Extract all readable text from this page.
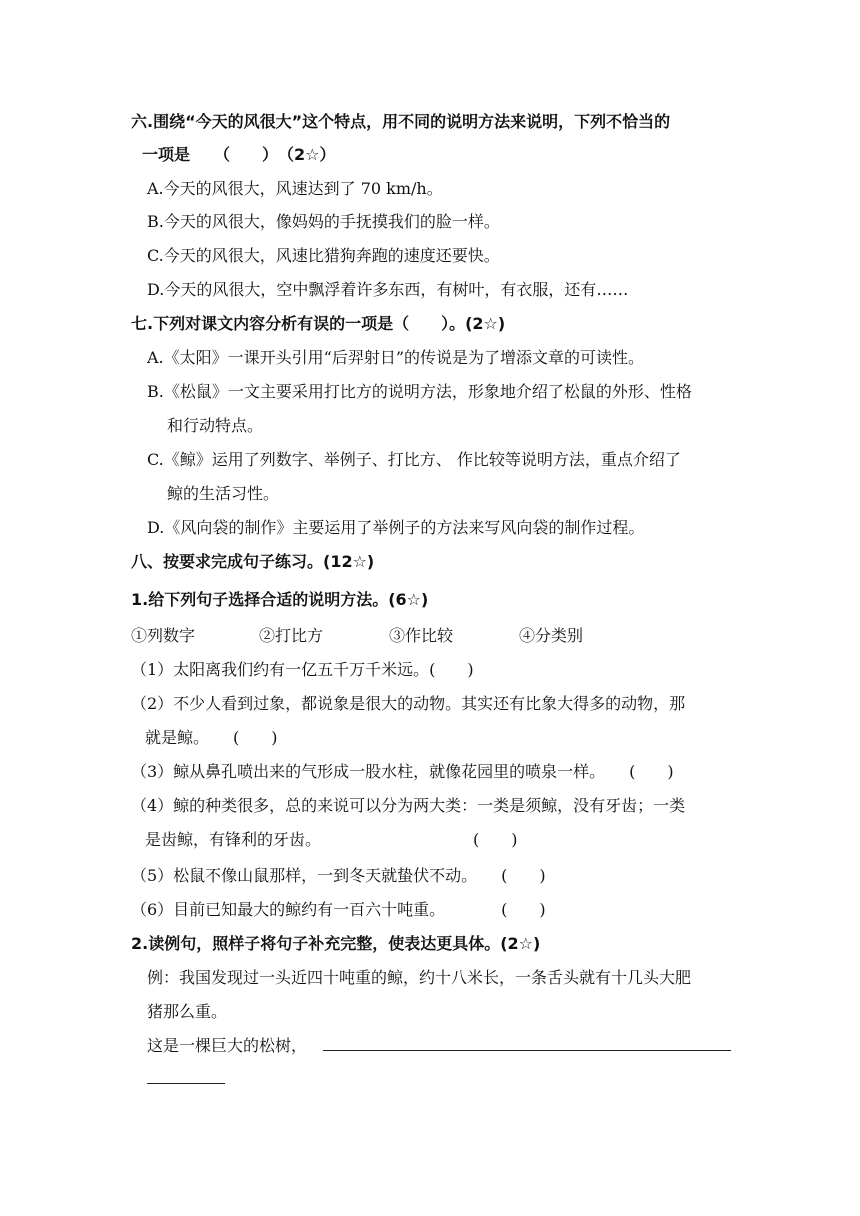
六.围绕“今天的风很大”这个特点，用不同的说明方法来说明，下列不恰当的
一项是　　（　　）　（2☆）
A.今天的风很大，风速达到了 70 km/h。
B.今天的风很大，像妈妈的手抚摸我们的脸一样。
C.今天的风很大，风速比猎狗奔跑的速度还要快。
D.今天的风很大，空中飘浮着许多东西，有树叶，有衣服，还有……
七.下列对课文内容分析有误的一项是（　　）。(2☆)
A.《太阳》一课开头引用“后羿射日”的传说是为了增添文章的可读性。
B.《松鼠》一文主要采用打比方的说明方法，形象地介绍了松鼠的外形、性格
和行动特点。
C.《鲸》运用了列数字、举例子、打比方、 作比较等说明方法，重点介绍了
鲸的生活习性。
D.《风向袋的制作》主要运用了举例子的方法来写风向袋的制作过程。
八、按要求完成句子练习。(12☆)
1.给下列句子选择合适的说明方法。(6☆)
①列数字	②打比方	③作比较	④分类别
（1）太阳离我们约有一亿五千万千米远。(　　)
（2）不少人看到过象，都说象是很大的动物。其实还有比象大得多的动物，那
就是鲸。　　(　　)
（3）鲸从鼻孔喷出来的气形成一股水柱，就像花园里的喷泉一样。　　(　　)
（4）鲸的种类很多，总的来说可以分为两大类：一类是须鲸，没有牙齿；一类
是齿鲸，有锋利的牙齿。　　　　　　　　　　(　　)
（5）松鼠不像山鼠那样，一到冬天就蛰伏不动。　　(　　)
（6）目前已知最大的鲸约有一百六十吨重。　　　　(　　)
2.读例句，照样子将句子补充完整，使表达更具体。(2☆)
例：我国发现过一头近四十吨重的鲸，约十八米长，一条舌头就有十几头大肥
猪那么重。
这是一棵巨大的松树，
